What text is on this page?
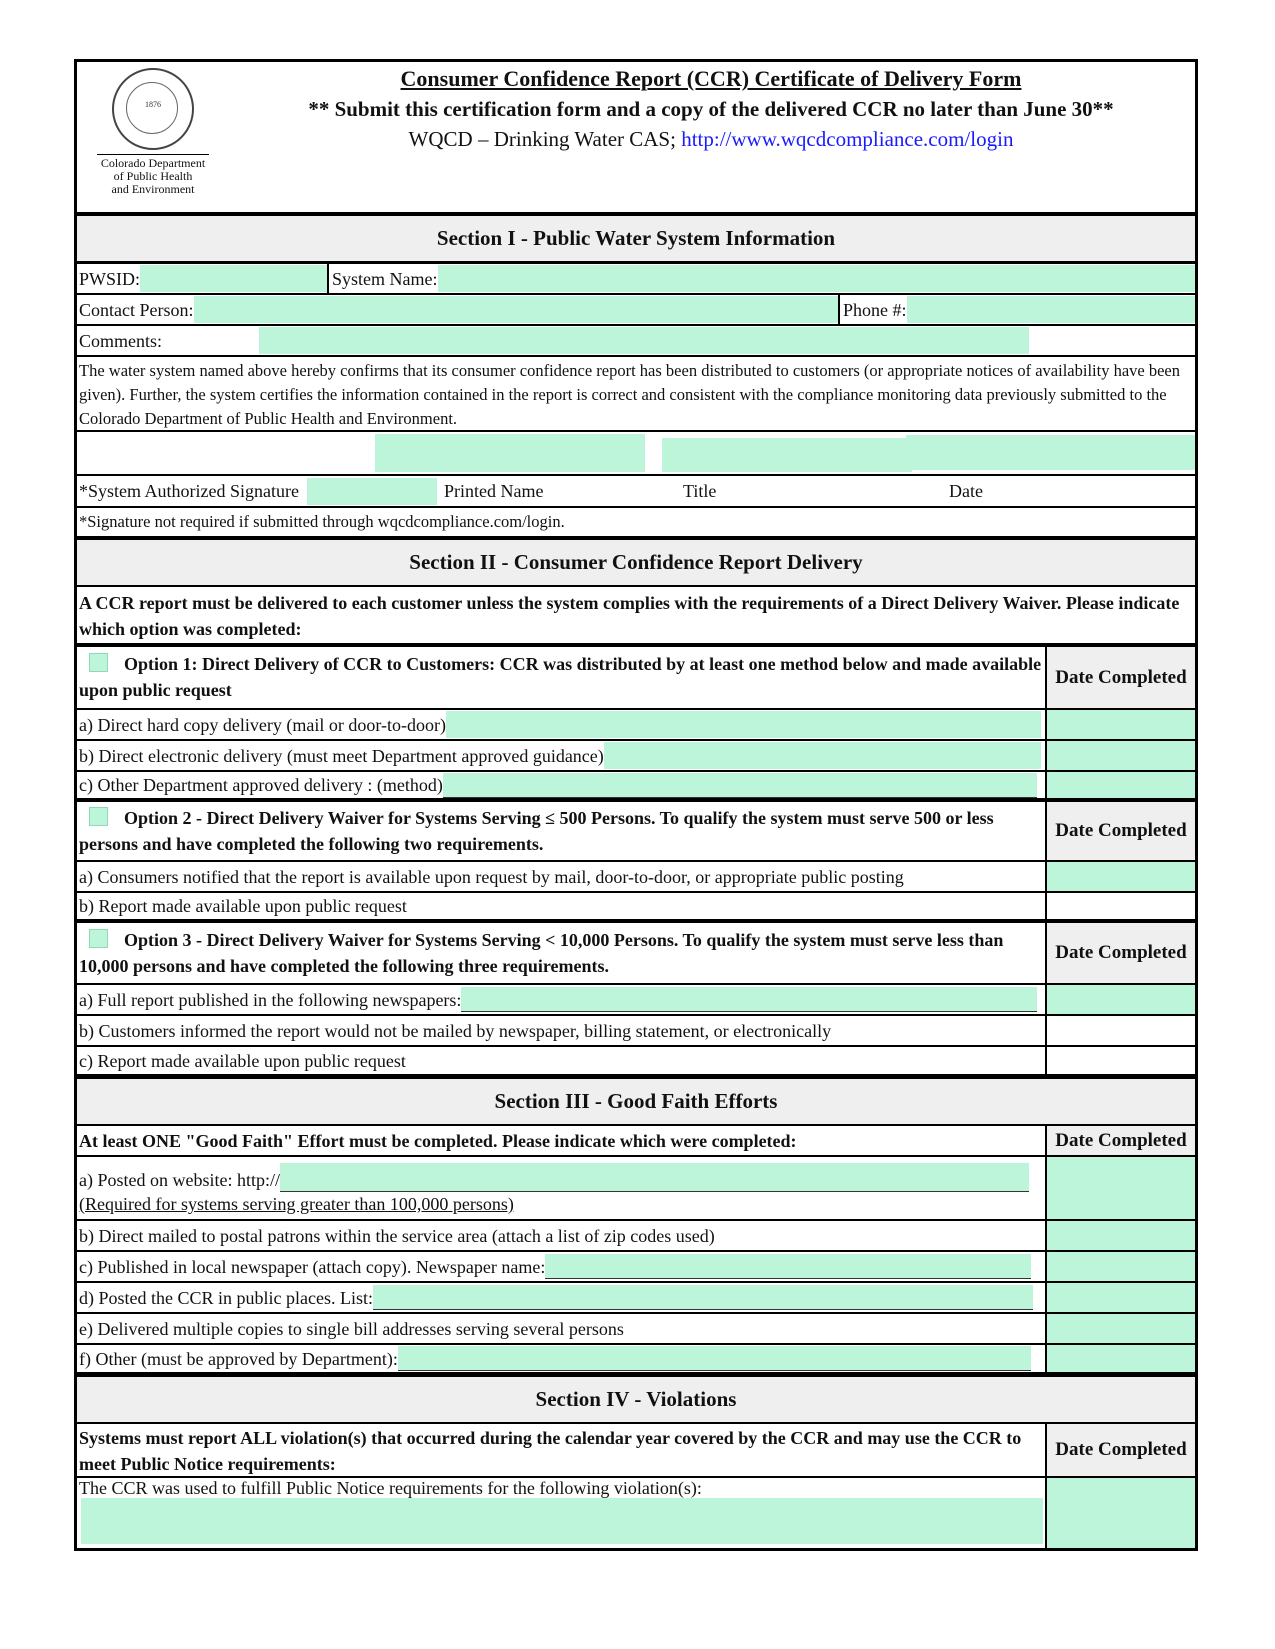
1876
Colorado Department
of Public Health
and Environment
Consumer Confidence Report (CCR) Certificate of Delivery Form
** Submit this certification form and a copy of the delivered CCR no later than June 30**
WQCD – Drinking Water CAS; http://www.wqcdcompliance.com/login
Section I - Public Water System Information
PWSID:	System Name:
Contact Person:	Phone #:
Comments:
The water system named above hereby confirms that its consumer confidence report has been distributed to customers (or appropriate notices of availability have been given). Further, the system certifies the information contained in the report is correct and consistent with the compliance monitoring data previously submitted to the Colorado Department of Public Health and Environment.
*System Authorized Signature	Printed Name	Title	Date
*Signature not required if submitted through wqcdcompliance.com/login.
Section II - Consumer Confidence Report Delivery
A CCR report must be delivered to each customer unless the system complies with the requirements of a Direct Delivery Waiver. Please indicate which option was completed:
Option 1: Direct Delivery of CCR to Customers: CCR was distributed by at least one method below and made available upon public request
Date Completed
a) Direct hard copy delivery (mail or door-to-door)
b) Direct electronic delivery (must meet Department approved guidance)
c) Other Department approved delivery : (method)
Option 2 - Direct Delivery Waiver for Systems Serving ≤ 500 Persons. To qualify the system must serve 500 or less persons and have completed the following two requirements.
Date Completed
a) Consumers notified that the report is available upon request by mail, door-to-door, or appropriate public posting
b) Report made available upon public request
Option 3 - Direct Delivery Waiver for Systems Serving < 10,000 Persons. To qualify the system must serve less than 10,000 persons and have completed the following three requirements.
Date Completed
a) Full report published in the following newspapers:
b) Customers informed the report would not be mailed by newspaper, billing statement, or electronically
c) Report made available upon public request
Section III - Good Faith Efforts
At least ONE "Good Faith" Effort must be completed. Please indicate which were completed:	Date Completed
a) Posted on website: http://
(Required for systems serving greater than 100,000 persons)
b) Direct mailed to postal patrons within the service area (attach a list of zip codes used)
c) Published in local newspaper (attach copy). Newspaper name:
d) Posted the CCR in public places. List:
e) Delivered multiple copies to single bill addresses serving several persons
f) Other (must be approved by Department):
Section IV - Violations
Systems must report ALL violation(s) that occurred during the calendar year covered by the CCR and may use the CCR to meet Public Notice requirements:
Date Completed
The CCR was used to fulfill Public Notice requirements for the following violation(s):
